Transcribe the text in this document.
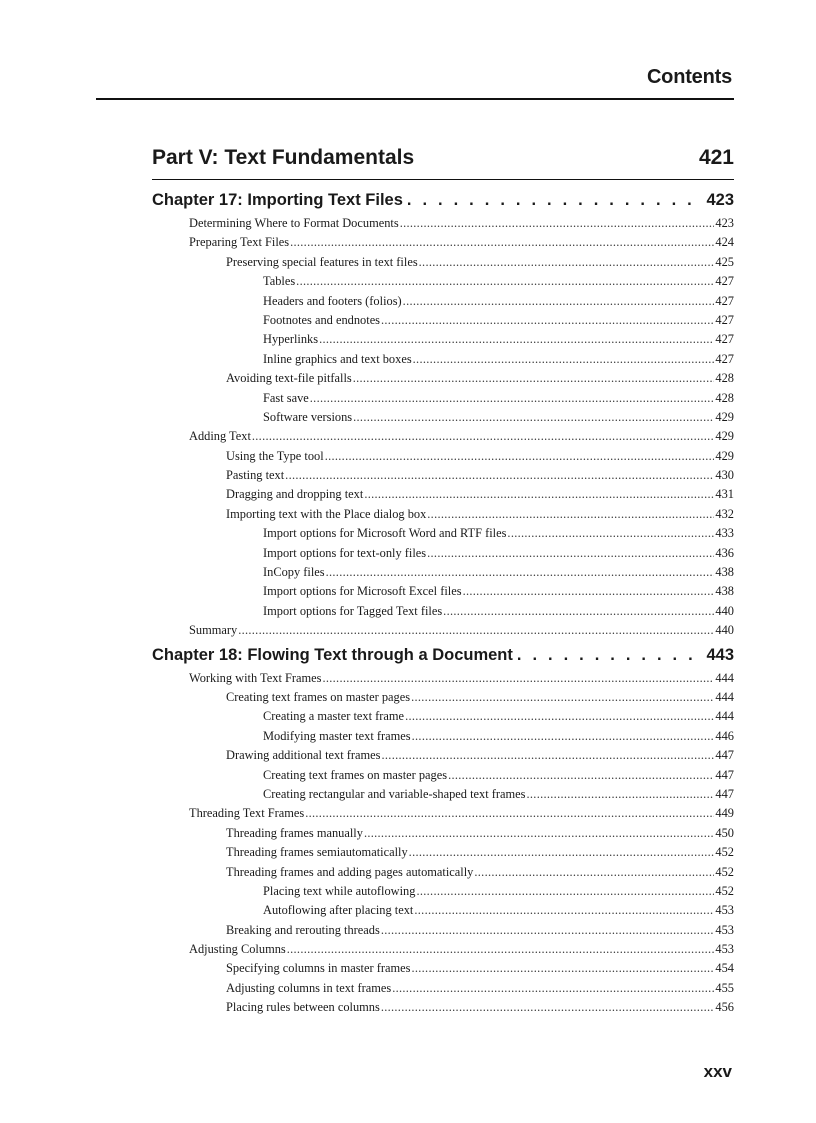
Contents
Part V: Text Fundamentals	421
Chapter 17: Importing Text Files . . .	423
Determining Where to Format Documents .....	423
Preparing Text Files .....	424
Preserving special features in text files .....	425
Tables .....	427
Headers and footers (folios) .....	427
Footnotes and endnotes .....	427
Hyperlinks .....	427
Inline graphics and text boxes .....	427
Avoiding text-file pitfalls .....	428
Fast save .....	428
Software versions .....	429
Adding Text .....	429
Using the Type tool .....	429
Pasting text .....	430
Dragging and dropping text .....	431
Importing text with the Place dialog box .....	432
Import options for Microsoft Word and RTF files .....	433
Import options for text-only files .....	436
InCopy files .....	438
Import options for Microsoft Excel files .....	438
Import options for Tagged Text files .....	440
Summary .....	440
Chapter 18: Flowing Text through a Document . . .	443
Working with Text Frames .....	444
Creating text frames on master pages .....	444
Creating a master text frame .....	444
Modifying master text frames .....	446
Drawing additional text frames .....	447
Creating text frames on master pages .....	447
Creating rectangular and variable-shaped text frames .....	447
Threading Text Frames .....	449
Threading frames manually .....	450
Threading frames semiautomatically .....	452
Threading frames and adding pages automatically .....	452
Placing text while autoflowing .....	452
Autoflowing after placing text .....	453
Breaking and rerouting threads .....	453
Adjusting Columns .....	453
Specifying columns in master frames .....	454
Adjusting columns in text frames .....	455
Placing rules between columns .....	456
xxv
